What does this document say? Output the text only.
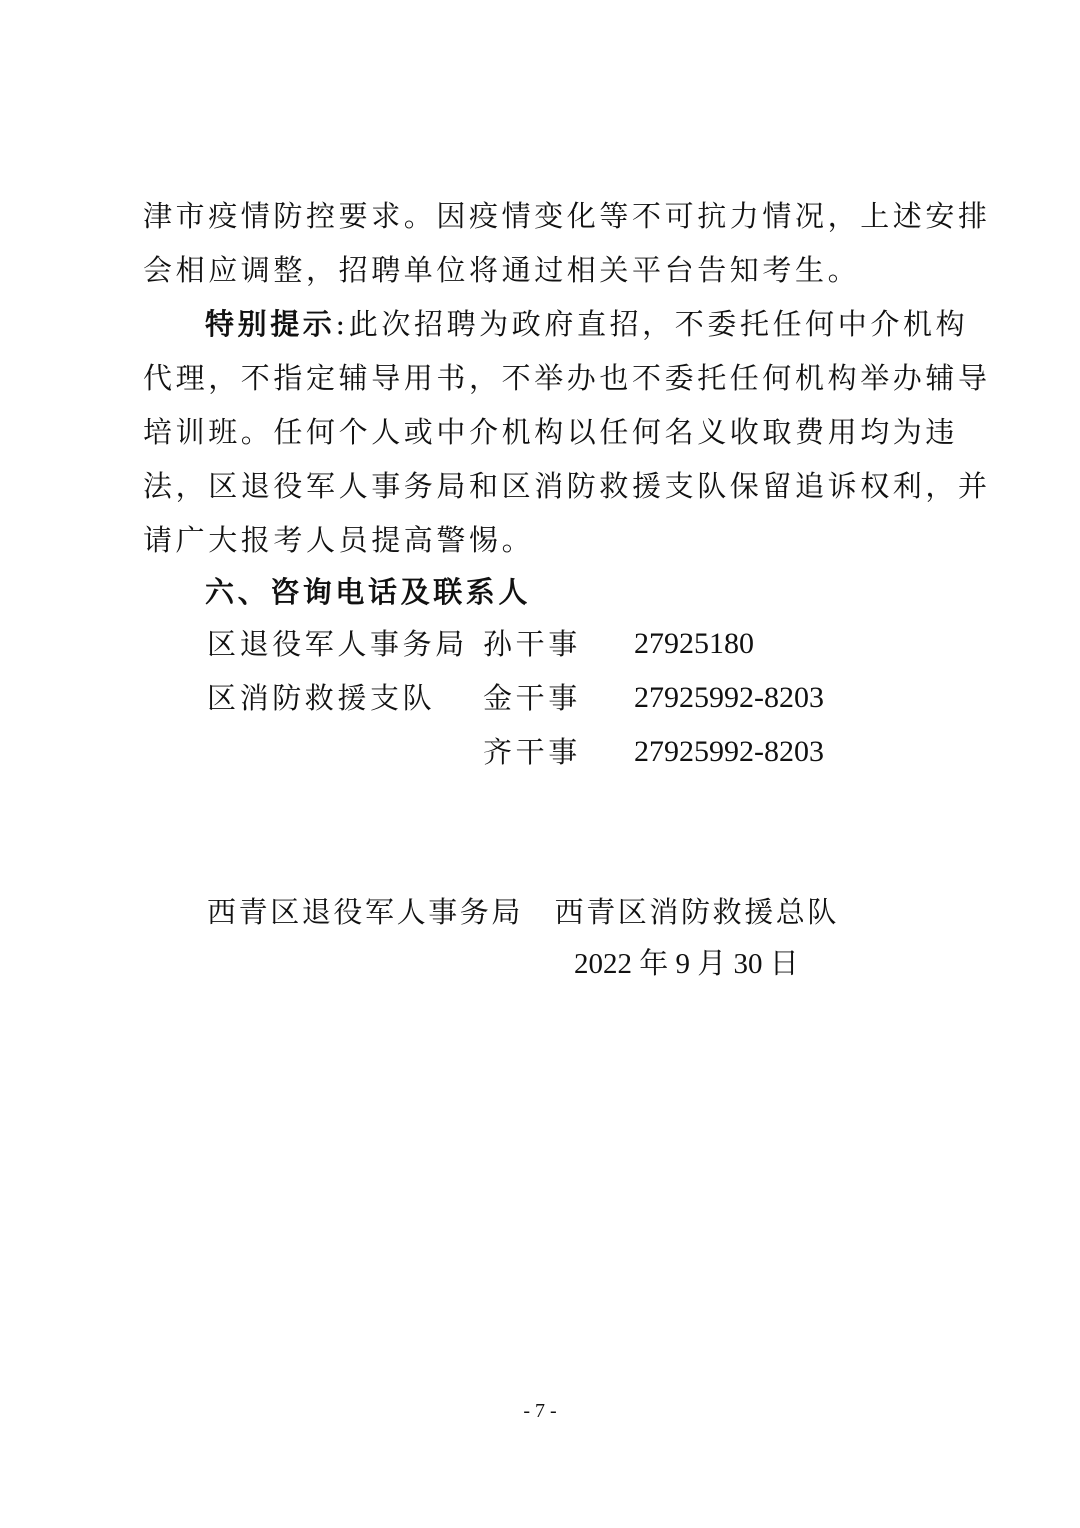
津市疫情防控要求。因疫情变化等不可抗力情况，上述安排
会相应调整，招聘单位将通过相关平台告知考生。
特别提示:此次招聘为政府直招，不委托任何中介机构
代理，不指定辅导用书，不举办也不委托任何机构举办辅导
培训班。任何个人或中介机构以任何名义收取费用均为违
法，区退役军人事务局和区消防救援支队保留追诉权利，并
请广大报考人员提高警惕。
六、咨询电话及联系人
区退役军人事务局 孙干事 27925180
区消防救援支队 金干事 27925992-8203
齐干事 27925992-8203
西青区退役军人事务局　西青区消防救援总队
2022 年 9 月 30 日
- 7 -
